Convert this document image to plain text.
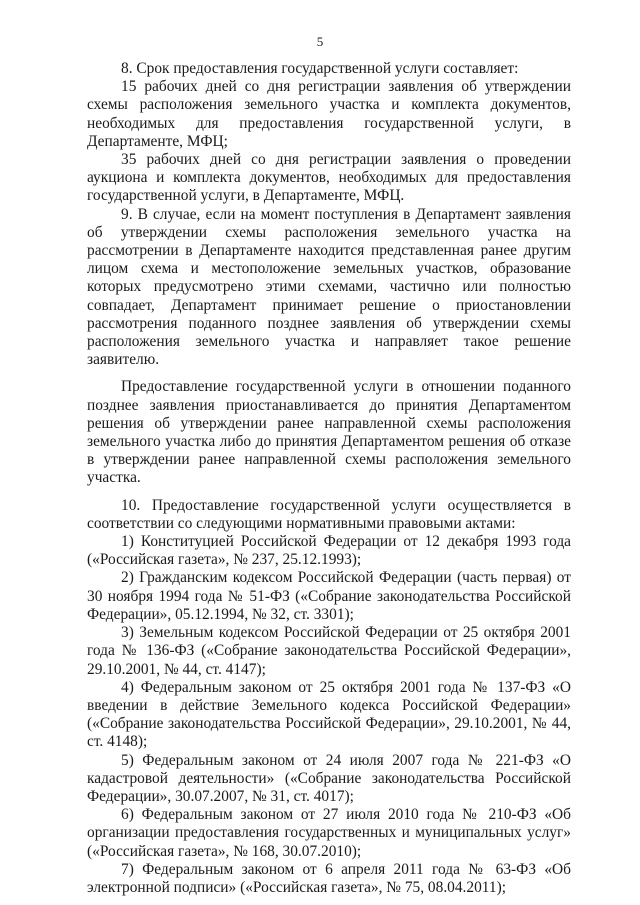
5

8. Срок предоставления государственной услуги составляет:

15 рабочих дней со дня регистрации заявления об утверждении схемы расположения земельного участка и комплекта документов, необходимых для предоставления государственной услуги, в Департаменте, МФЦ;

35 рабочих дней со дня регистрации заявления о проведении аукциона и комплекта документов, необходимых для предоставления государственной услуги, в Департаменте, МФЦ.

9. В случае, если на момент поступления в Департамент заявления об утверждении схемы расположения земельного участка на рассмотрении в Департаменте находится представленная ранее другим лицом схема и местоположение земельных участков, образование которых предусмотрено этими схемами, частично или полностью совпадает, Департамент принимает решение о приостановлении рассмотрения поданного позднее заявления об утверждении схемы расположения земельного участка и направляет такое решение заявителю.

Предоставление государственной услуги в отношении поданного позднее заявления приостанавливается до принятия Департаментом решения об утверждении ранее направленной схемы расположения земельного участка либо до принятия Департаментом решения об отказе в утверждении ранее направленной схемы расположения земельного участка.

10. Предоставление государственной услуги осуществляется в соответствии со следующими нормативными правовыми актами:

1) Конституцией Российской Федерации от 12 декабря 1993 года («Российская газета», № 237, 25.12.1993);

2) Гражданским кодексом Российской Федерации (часть первая) от 30 ноября 1994 года № 51-ФЗ («Собрание законодательства Российской Федерации», 05.12.1994, № 32, ст. 3301);

3) Земельным кодексом Российской Федерации от 25 октября 2001 года № 136-ФЗ («Собрание законодательства Российской Федерации», 29.10.2001, № 44, ст. 4147);

4) Федеральным законом от 25 октября 2001 года № 137-ФЗ «О введении в действие Земельного кодекса Российской Федерации» («Собрание законодательства Российской Федерации», 29.10.2001, № 44, ст. 4148);

5) Федеральным законом от 24 июля 2007 года № 221-ФЗ «О кадастровой деятельности» («Собрание законодательства Российской Федерации», 30.07.2007, № 31, ст. 4017);

6) Федеральным законом от 27 июля 2010 года № 210-ФЗ «Об организации предоставления государственных и муниципальных услуг» («Российская газета», № 168, 30.07.2010);

7) Федеральным законом от 6 апреля 2011 года № 63-ФЗ «Об электронной подписи» («Российская газета», № 75, 08.04.2011);
